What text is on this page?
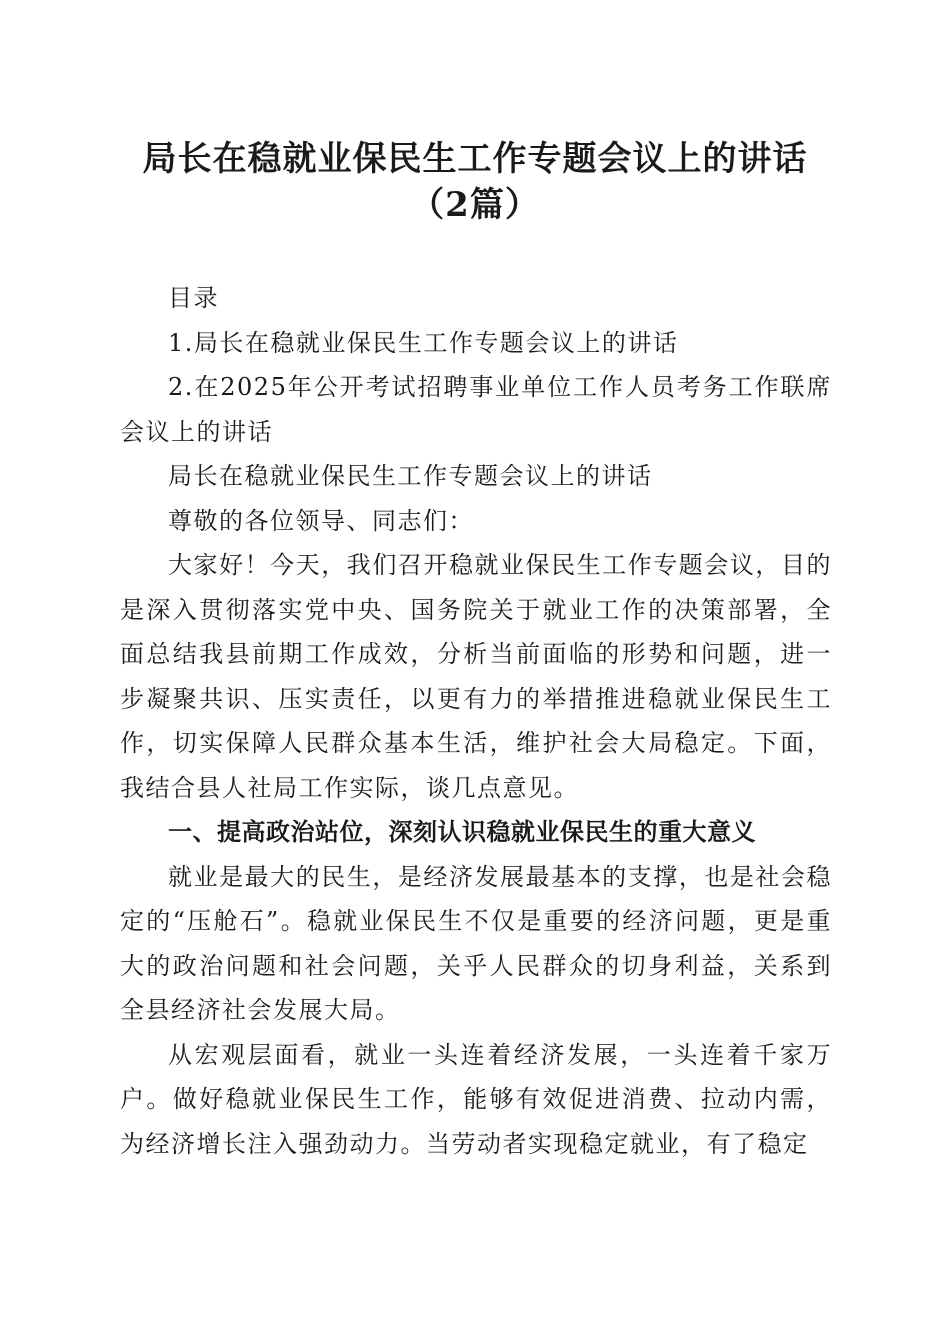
局长在稳就业保民生工作专题会议上的讲话
（2篇）

目录

1.局长在稳就业保民生工作专题会议上的讲话

2.在2025年公开考试招聘事业单位工作人员考务工作联席会议上的讲话

局长在稳就业保民生工作专题会议上的讲话

尊敬的各位领导、同志们：

大家好！今天，我们召开稳就业保民生工作专题会议，目的是深入贯彻落实党中央、国务院关于就业工作的决策部署，全面总结我县前期工作成效，分析当前面临的形势和问题，进一步凝聚共识、压实责任，以更有力的举措推进稳就业保民生工作，切实保障人民群众基本生活，维护社会大局稳定。下面，我结合县人社局工作实际，谈几点意见。

一、提高政治站位，深刻认识稳就业保民生的重大意义

就业是最大的民生，是经济发展最基本的支撑，也是社会稳定的“压舱石”。稳就业保民生不仅是重要的经济问题，更是重大的政治问题和社会问题，关乎人民群众的切身利益，关系到全县经济社会发展大局。

从宏观层面看，就业一头连着经济发展，一头连着千家万户。做好稳就业保民生工作，能够有效促进消费、拉动内需，为经济增长注入强劲动力。当劳动者实现稳定就业，有了稳定
